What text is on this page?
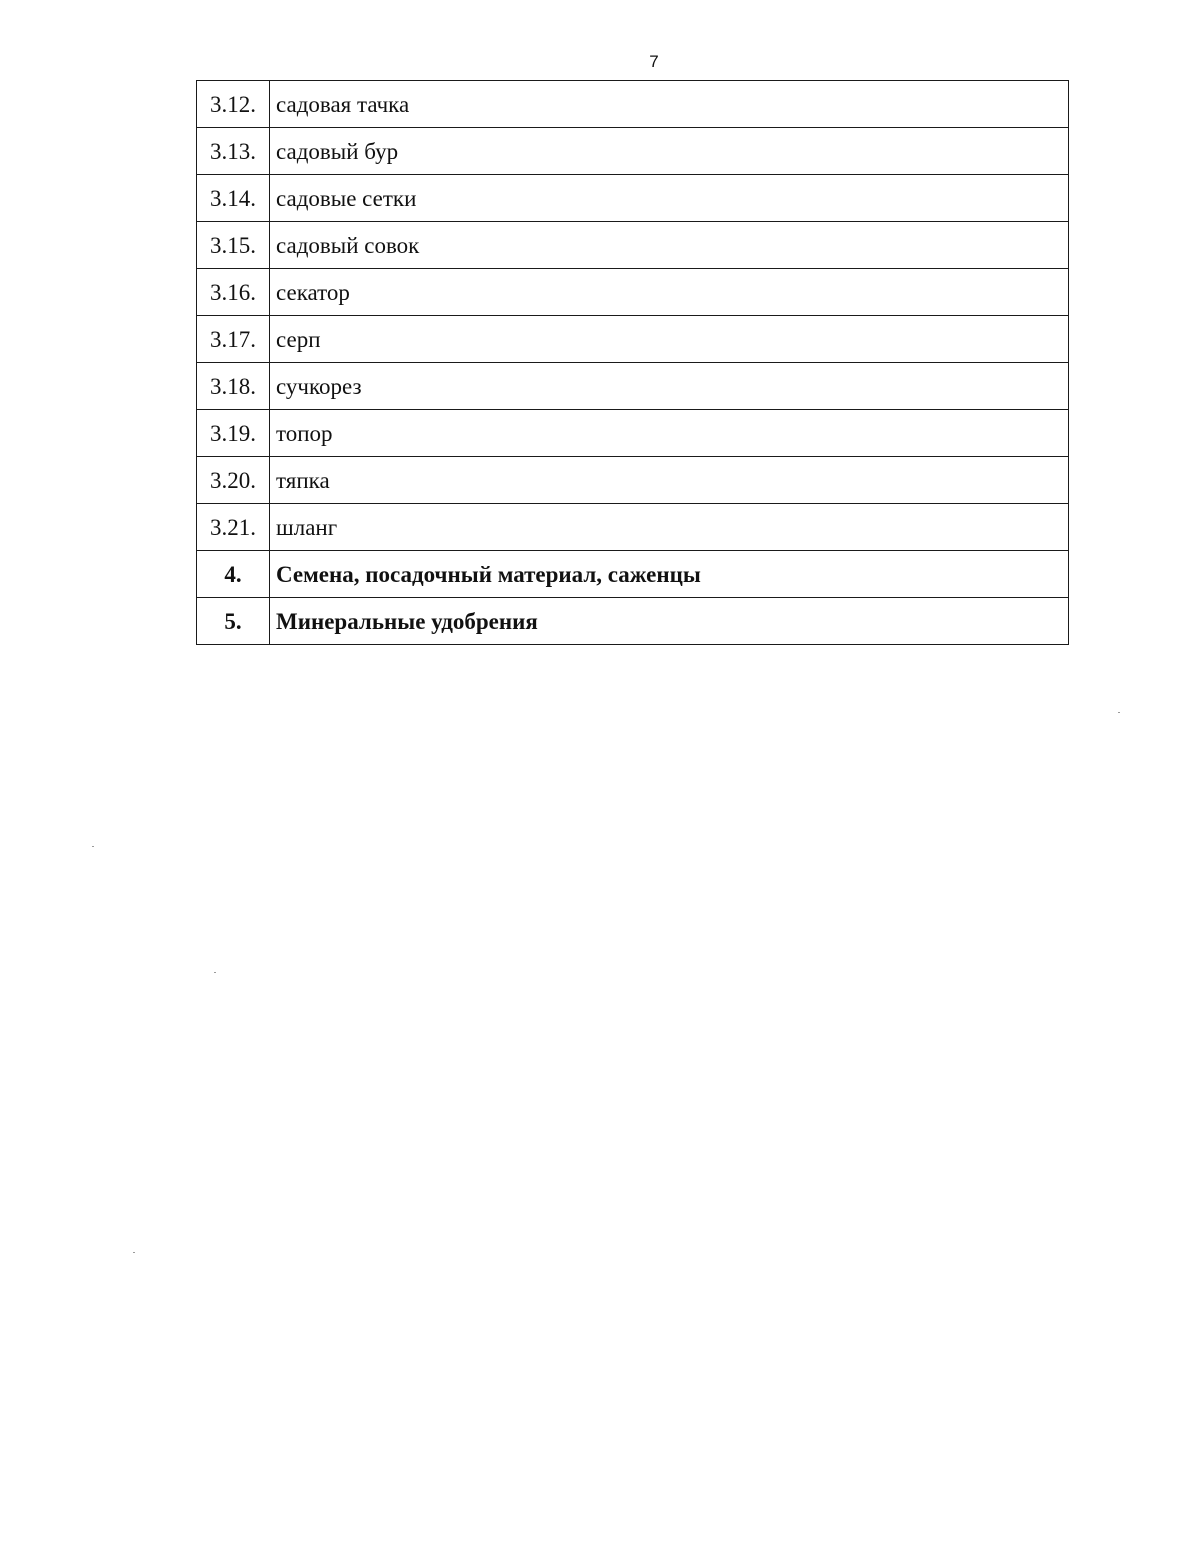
7
3.12.	садовая тачка
3.13.	садовый бур
3.14.	садовые сетки
3.15.	садовый совок
3.16.	секатор
3.17.	серп
3.18.	сучкорез
3.19.	топор
3.20.	тяпка
3.21.	шланг
4.	Семена, посадочный материал, саженцы
5.	Минеральные удобрения
